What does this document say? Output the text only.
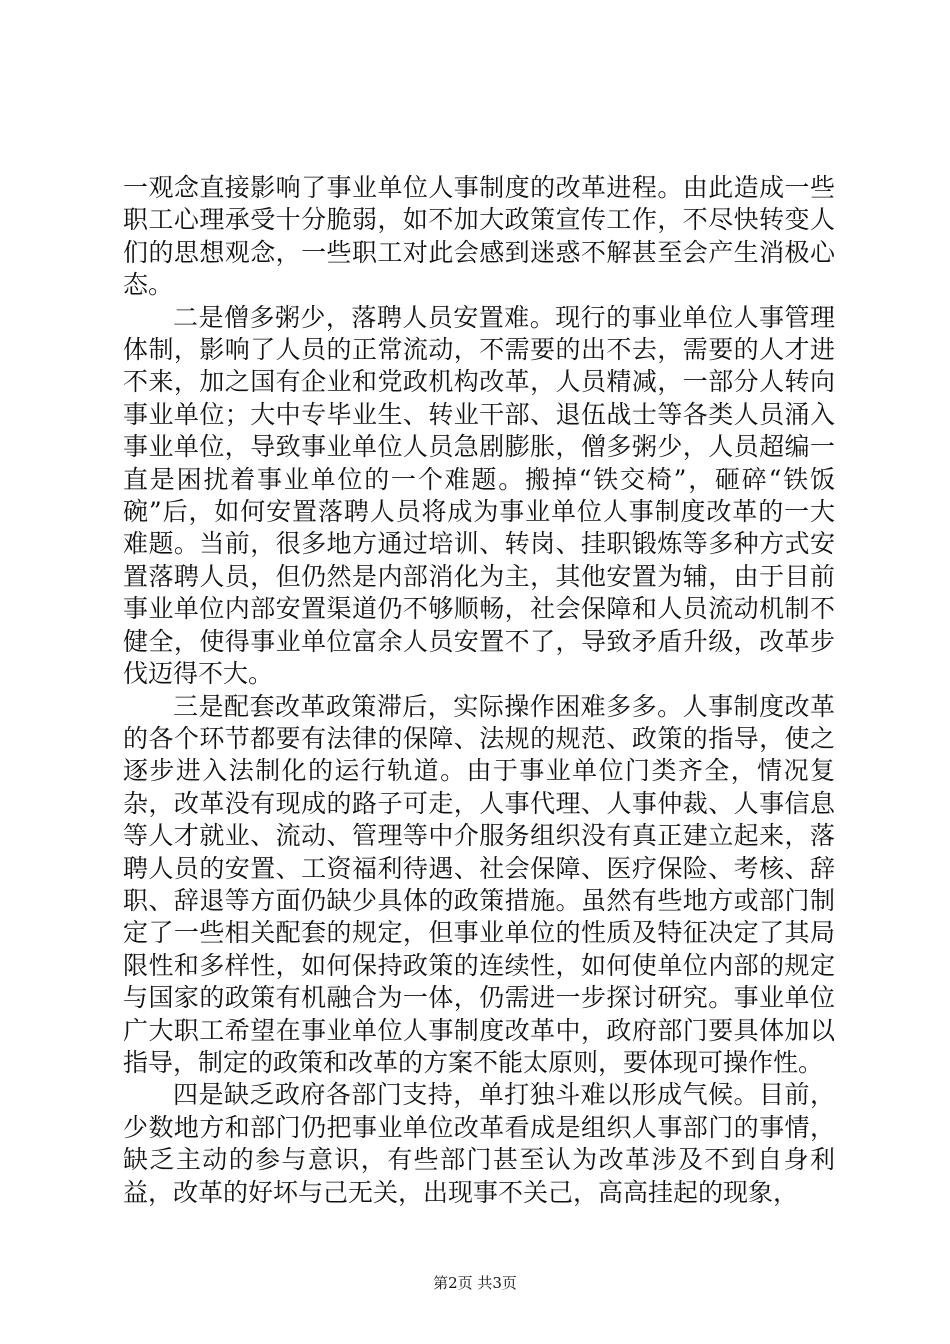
一观念直接影响了事业单位人事制度的改革进程。由此造成一些职工心理承受十分脆弱，如不加大政策宣传工作，不尽快转变人们的思想观念，一些职工对此会感到迷惑不解甚至会产生消极心态。

二是僧多粥少，落聘人员安置难。现行的事业单位人事管理体制，影响了人员的正常流动，不需要的出不去，需要的人才进不来，加之国有企业和党政机构改革，人员精减，一部分人转向事业单位；大中专毕业生、转业干部、退伍战士等各类人员涌入事业单位，导致事业单位人员急剧膨胀，僧多粥少，人员超编一直是困扰着事业单位的一个难题。搬掉“铁交椅”，砸碎“铁饭碗”后，如何安置落聘人员将成为事业单位人事制度改革的一大难题。当前，很多地方通过培训、转岗、挂职锻炼等多种方式安置落聘人员，但仍然是内部消化为主，其他安置为辅，由于目前事业单位内部安置渠道仍不够顺畅，社会保障和人员流动机制不健全，使得事业单位富余人员安置不了，导致矛盾升级，改革步伐迈得不大。

三是配套改革政策滞后，实际操作困难多多。人事制度改革的各个环节都要有法律的保障、法规的规范、政策的指导，使之逐步进入法制化的运行轨道。由于事业单位门类齐全，情况复杂，改革没有现成的路子可走，人事代理、人事仲裁、人事信息等人才就业、流动、管理等中介服务组织没有真正建立起来，落聘人员的安置、工资福利待遇、社会保障、医疗保险、考核、辞职、辞退等方面仍缺少具体的政策措施。虽然有些地方或部门制定了一些相关配套的规定，但事业单位的性质及特征决定了其局限性和多样性，如何保持政策的连续性，如何使单位内部的规定与国家的政策有机融合为一体，仍需进一步探讨研究。事业单位广大职工希望在事业单位人事制度改革中，政府部门要具体加以指导，制定的政策和改革的方案不能太原则，要体现可操作性。

四是缺乏政府各部门支持，单打独斗难以形成气候。目前，少数地方和部门仍把事业单位改革看成是组织人事部门的事情，缺乏主动的参与意识，有些部门甚至认为改革涉及不到自身利益，改革的好坏与己无关，出现事不关己，高高挂起的现象，

第2页 共3页
